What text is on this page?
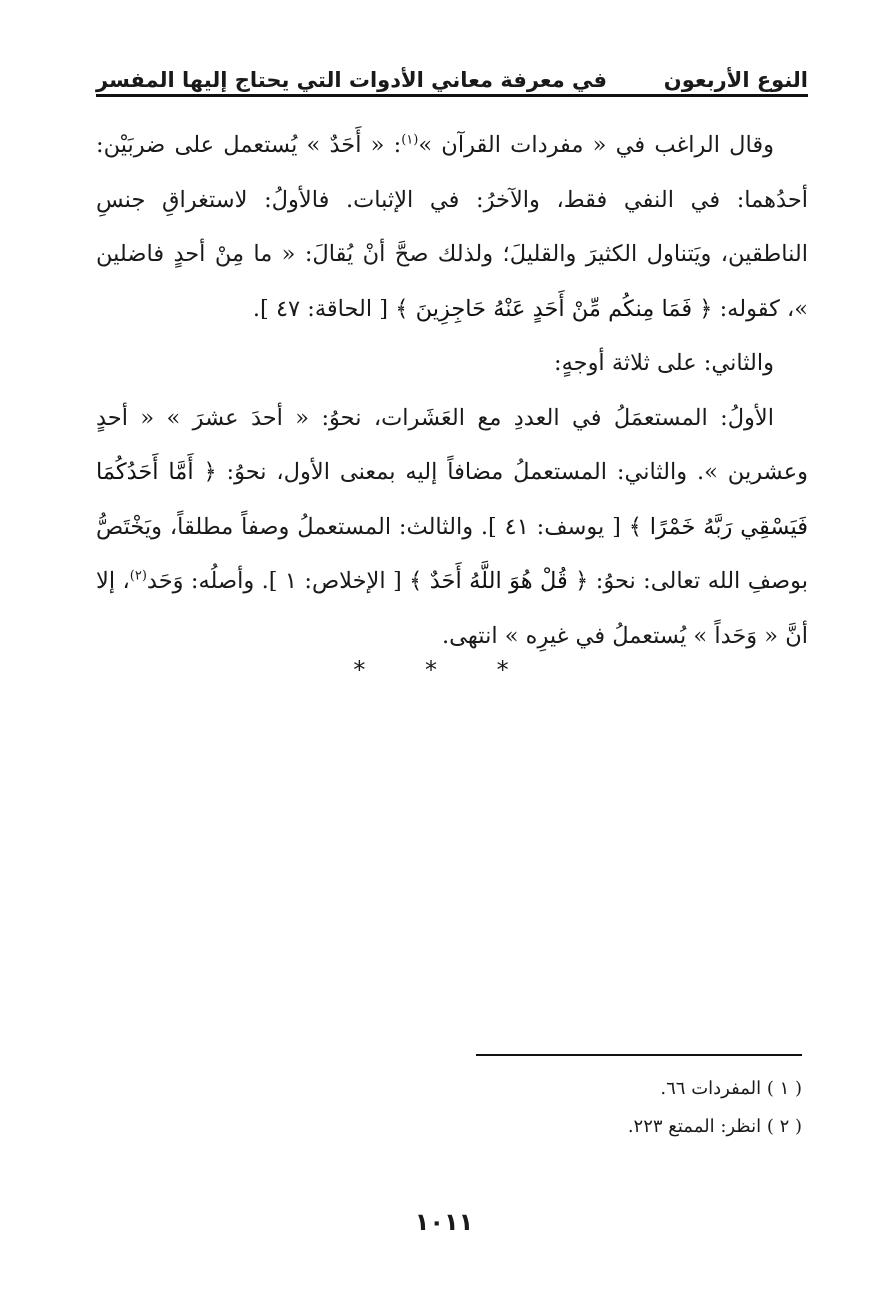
النوع الأربعون
في معرفة معاني الأدوات التي يحتاج إليها المفسر

وقال الراغب في « مفردات القرآن »$^{(١)}$: « أَحَدٌ » يُستعمل على ضربَيْن: أحدُهما: في النفي فقط، والآخرُ: في الإثبات. فالأولُ: لاستغراقِ جنسِ الناطقين، ويَتناول الكثيرَ والقليلَ؛ ولذلك صحَّ أنْ يُقالَ: « ما مِنْ أحدٍ فاضلين »، كقوله: ﴿ فَمَا مِنكُم مِّنْ أَحَدٍ عَنْهُ حَاجِزِينَ ﴾ [ الحاقة: ٤٧ ].

والثاني: على ثلاثة أوجهٍ:

الأولُ: المستعمَلُ في العددِ مع العَشَرات، نحوُ: « أحدَ عشرَ » « أحدٍ وعشرين ». والثاني: المستعملُ مضافاً إليه بمعنى الأول، نحوُ: ﴿ أَمَّا أَحَدُكُمَا فَيَسْقِي رَبَّهُ خَمْرًا ﴾ [ يوسف: ٤١ ]. والثالث: المستعملُ وصفاً مطلقاً، ويَخْتَصُّ بوصفِ الله تعالى: نحوُ: ﴿ قُلْ هُوَ اللَّهُ أَحَدٌ ﴾ [ الإخلاص: ١ ]. وأصلُه: وَحَد$^{(٢)}$، إلا أنَّ « وَحَداً » يُستعملُ في غيرِه » انتهى.

* * *

( ١ ) المفردات ٦٦.

( ٢ ) انظر: الممتع ٢٢٣.

١٠١١
